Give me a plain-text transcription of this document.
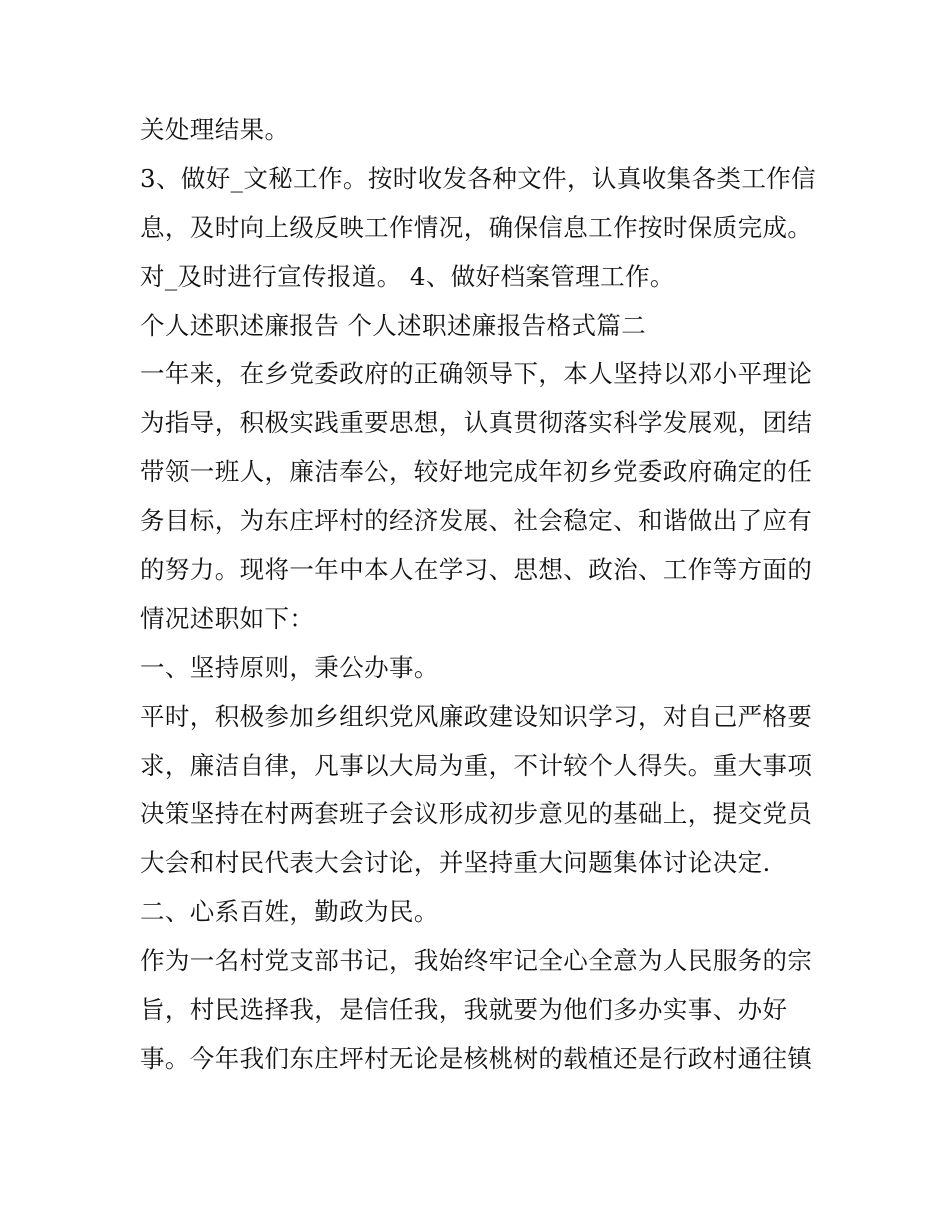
关处理结果。
3、做好_文秘工作。按时收发各种文件，认真收集各类工作信
息，及时向上级反映工作情况，确保信息工作按时保质完成。
对_及时进行宣传报道。 4、做好档案管理工作。
个人述职述廉报告 个人述职述廉报告格式篇二
一年来，在乡党委政府的正确领导下，本人坚持以邓小平理论
为指导，积极实践重要思想，认真贯彻落实科学发展观，团结
带领一班人，廉洁奉公，较好地完成年初乡党委政府确定的任
务目标，为东庄坪村的经济发展、社会稳定、和谐做出了应有
的努力。现将一年中本人在学习、思想、政治、工作等方面的
情况述职如下：
一、坚持原则，秉公办事。
平时，积极参加乡组织党风廉政建设知识学习，对自己严格要
求，廉洁自律，凡事以大局为重，不计较个人得失。重大事项
决策坚持在村两套班子会议形成初步意见的基础上，提交党员
大会和村民代表大会讨论，并坚持重大问题集体讨论决定.
二、心系百姓，勤政为民。
作为一名村党支部书记，我始终牢记全心全意为人民服务的宗
旨，村民选择我，是信任我，我就要为他们多办实事、办好
事。今年我们东庄坪村无论是核桃树的载植还是行政村通往镇
